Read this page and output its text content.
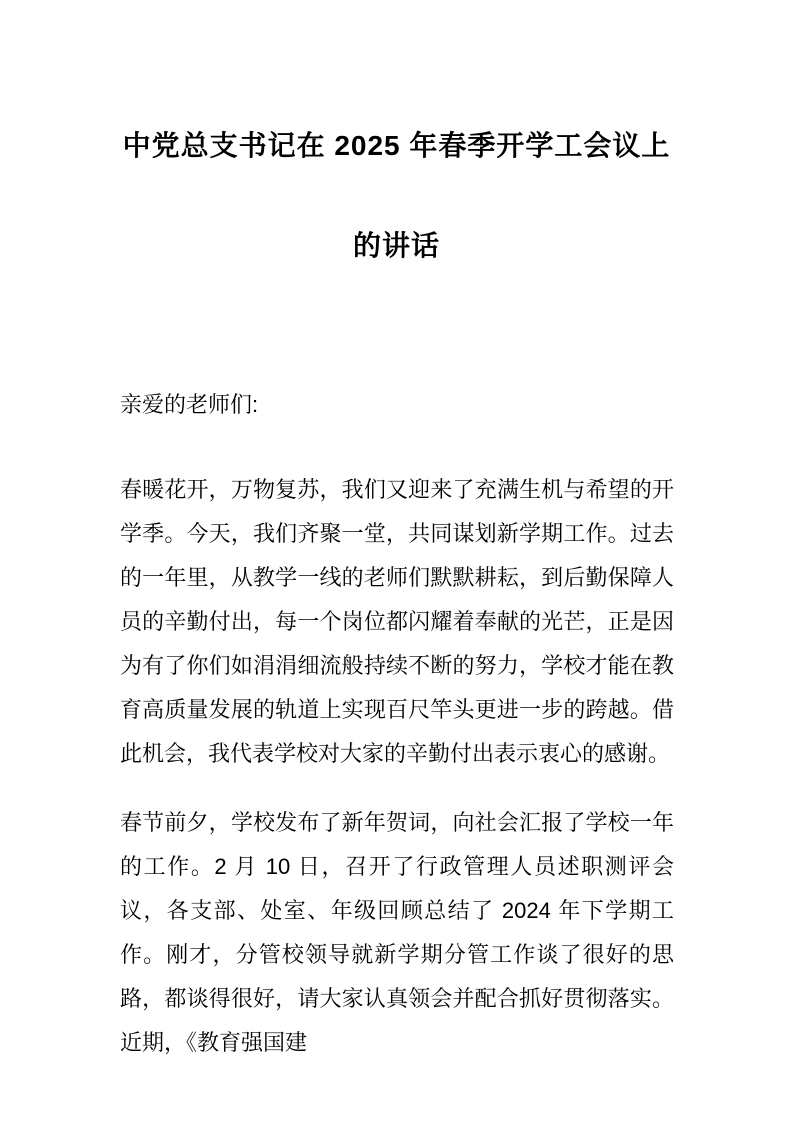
中党总支书记在 2025 年春季开学工会议上
的讲话

亲爱的老师们:

春暖花开，万物复苏，我们又迎来了充满生机与希望的开学季。今天，我们齐聚一堂，共同谋划新学期工作。过去的一年里，从教学一线的老师们默默耕耘，到后勤保障人员的辛勤付出，每一个岗位都闪耀着奉献的光芒，正是因为有了你们如涓涓细流般持续不断的努力，学校才能在教育高质量发展的轨道上实现百尺竿头更进一步的跨越。借此机会，我代表学校对大家的辛勤付出表示衷心的感谢。

春节前夕，学校发布了新年贺词，向社会汇报了学校一年的工作。2 月 10 日，召开了行政管理人员述职测评会议，各支部、处室、年级回顾总结了 2024 年下学期工作。刚才，分管校领导就新学期分管工作谈了很好的思路，都谈得很好，请大家认真领会并配合抓好贯彻落实。近期，《教育强国建
